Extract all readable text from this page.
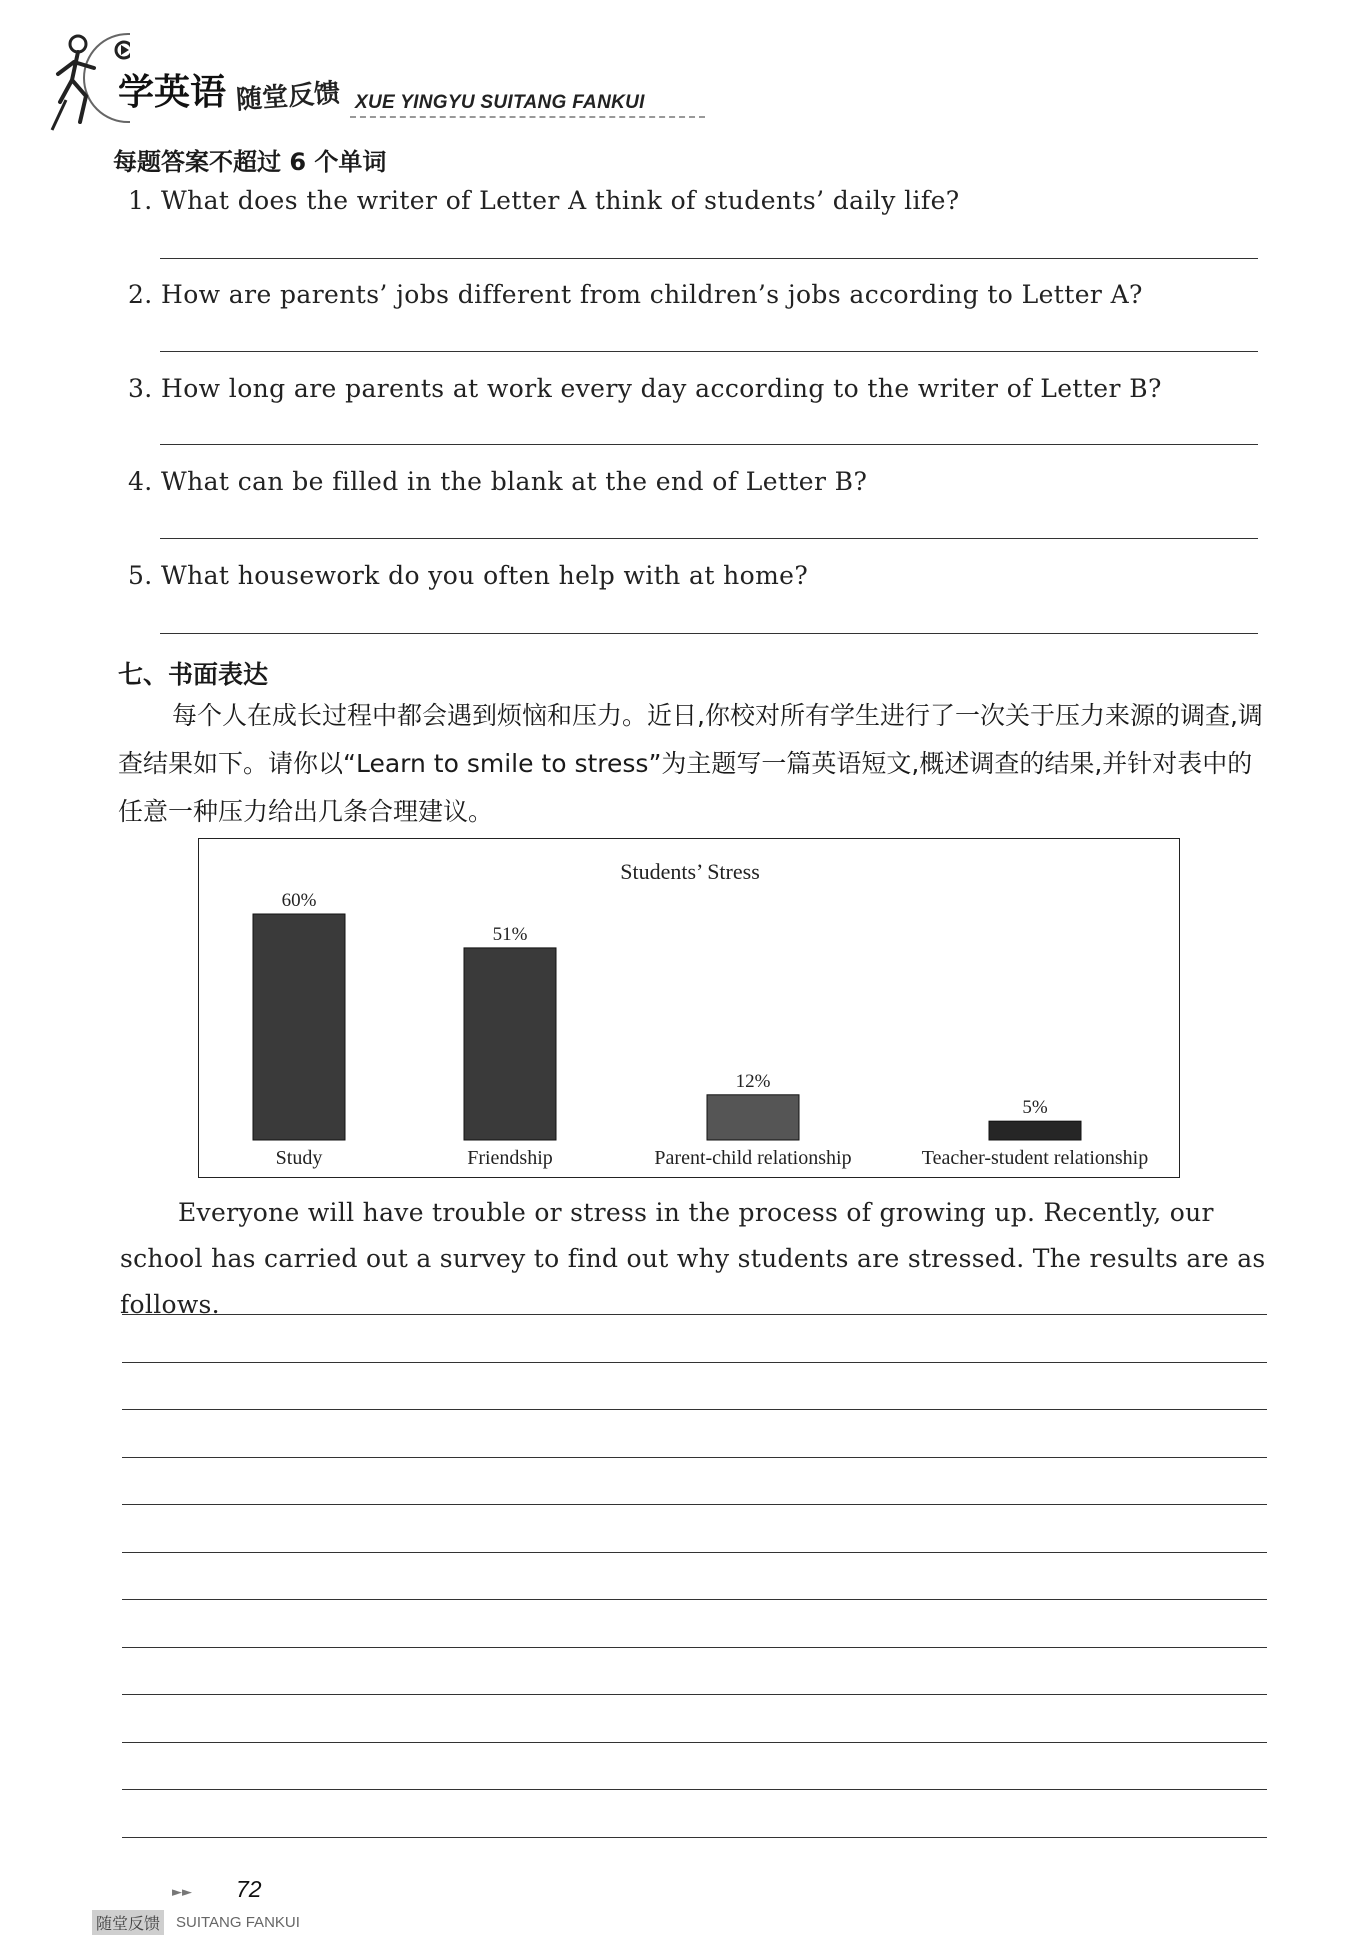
学英语 随堂反馈 XUE YINGYU SUITANG FANKUI
每题答案不超过 6 个单词
1. What does the writer of Letter A think of students’ daily life?
2. How are parents’ jobs different from children’s jobs according to Letter A?
3. How long are parents at work every day according to the writer of Letter B?
4. What can be filled in the blank at the end of Letter B?
5. What housework do you often help with at home?
七、书面表达
每个人在成长过程中都会遇到烦恼和压力。近日,你校对所有学生进行了一次关于压力来源的调查,调查结果如下。请你以“Learn to smile to stress”为主题写一篇英语短文,概述调查的结果,并针对表中的任意一种压力给出几条合理建议。
Students’ Stress
60%
Study
51%
Friendship
12%
Parent-child relationship
5%
Teacher-student relationship
Everyone will have trouble or stress in the process of growing up. Recently, our school has carried out a survey to find out why students are stressed. The results are as follows.
►► 72
随堂反馈 SUITANG FANKUI
